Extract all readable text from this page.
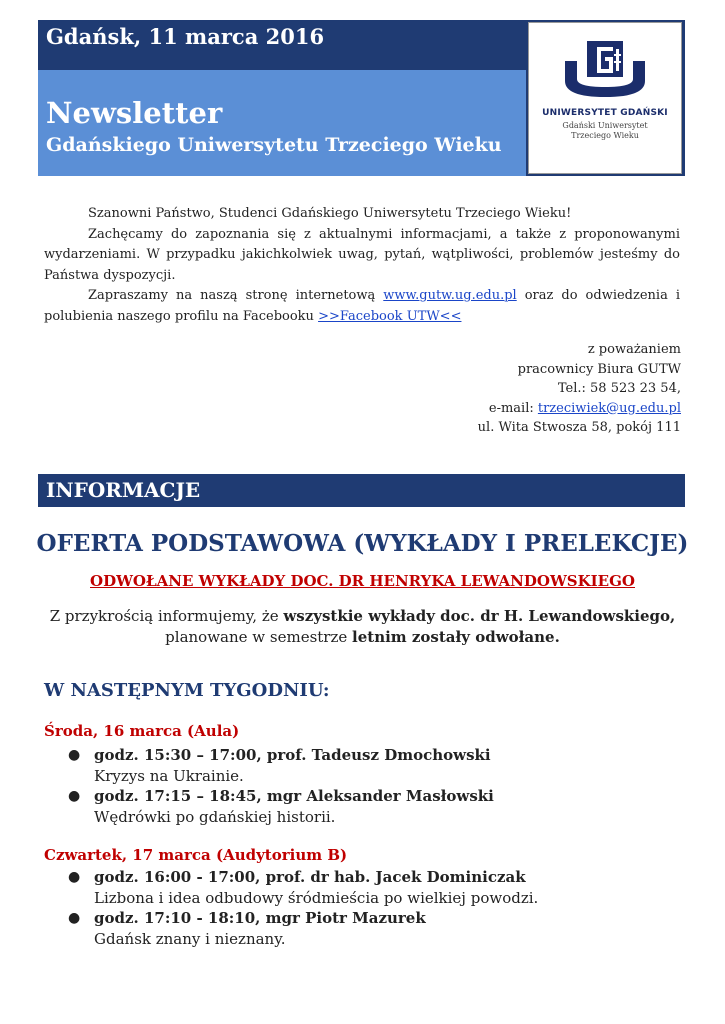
Gdańsk, 11 marca 2016
Newsletter
Gdańskiego Uniwersytetu Trzeciego Wieku
UNIWERSYTET GDAŃSKI
Gdański Uniwersytet
Trzeciego Wieku

Szanowni Państwo, Studenci Gdańskiego Uniwersytetu Trzeciego Wieku!

Zachęcamy do zapoznania się z aktualnymi informacjami, a także z proponowanymi wydarzeniami. W przypadku jakichkolwiek uwag, pytań, wątpliwości, problemów jesteśmy do Państwa dyspozycji.

Zapraszamy na naszą stronę internetową www.gutw.ug.edu.pl oraz do odwiedzenia i polubienia naszego profilu na Facebooku >>Facebook UTW<<

z poważaniem
pracownicy Biura GUTW
Tel.: 58 523 23 54,
e-mail: trzeciwiek@ug.edu.pl
ul. Wita Stwosza 58, pokój 111
INFORMACJE
OFERTA PODSTAWOWA (WYKŁADY I PRELEKCJE)
ODWOŁANE WYKŁADY DOC. DR HENRYKA LEWANDOWSKIEGO
Z przykrością informujemy, że wszystkie wykłady doc. dr H. Lewandowskiego,
planowane w semestrze letnim zostały odwołane.
W NASTĘPNYM TYGODNIU:
Środa, 16 marca (Aula)
● godz. 15:30 – 17:00, prof. Tadeusz Dmochowski
Kryzys na Ukrainie.
● godz. 17:15 – 18:45, mgr Aleksander Masłowski
Wędrówki po gdańskiej historii.
Czwartek, 17 marca (Audytorium B)
● godz. 16:00 - 17:00, prof. dr hab. Jacek Dominiczak
Lizbona i idea odbudowy śródmieścia po wielkiej powodzi.
● godz. 17:10 - 18:10, mgr Piotr Mazurek
Gdańsk znany i nieznany.
